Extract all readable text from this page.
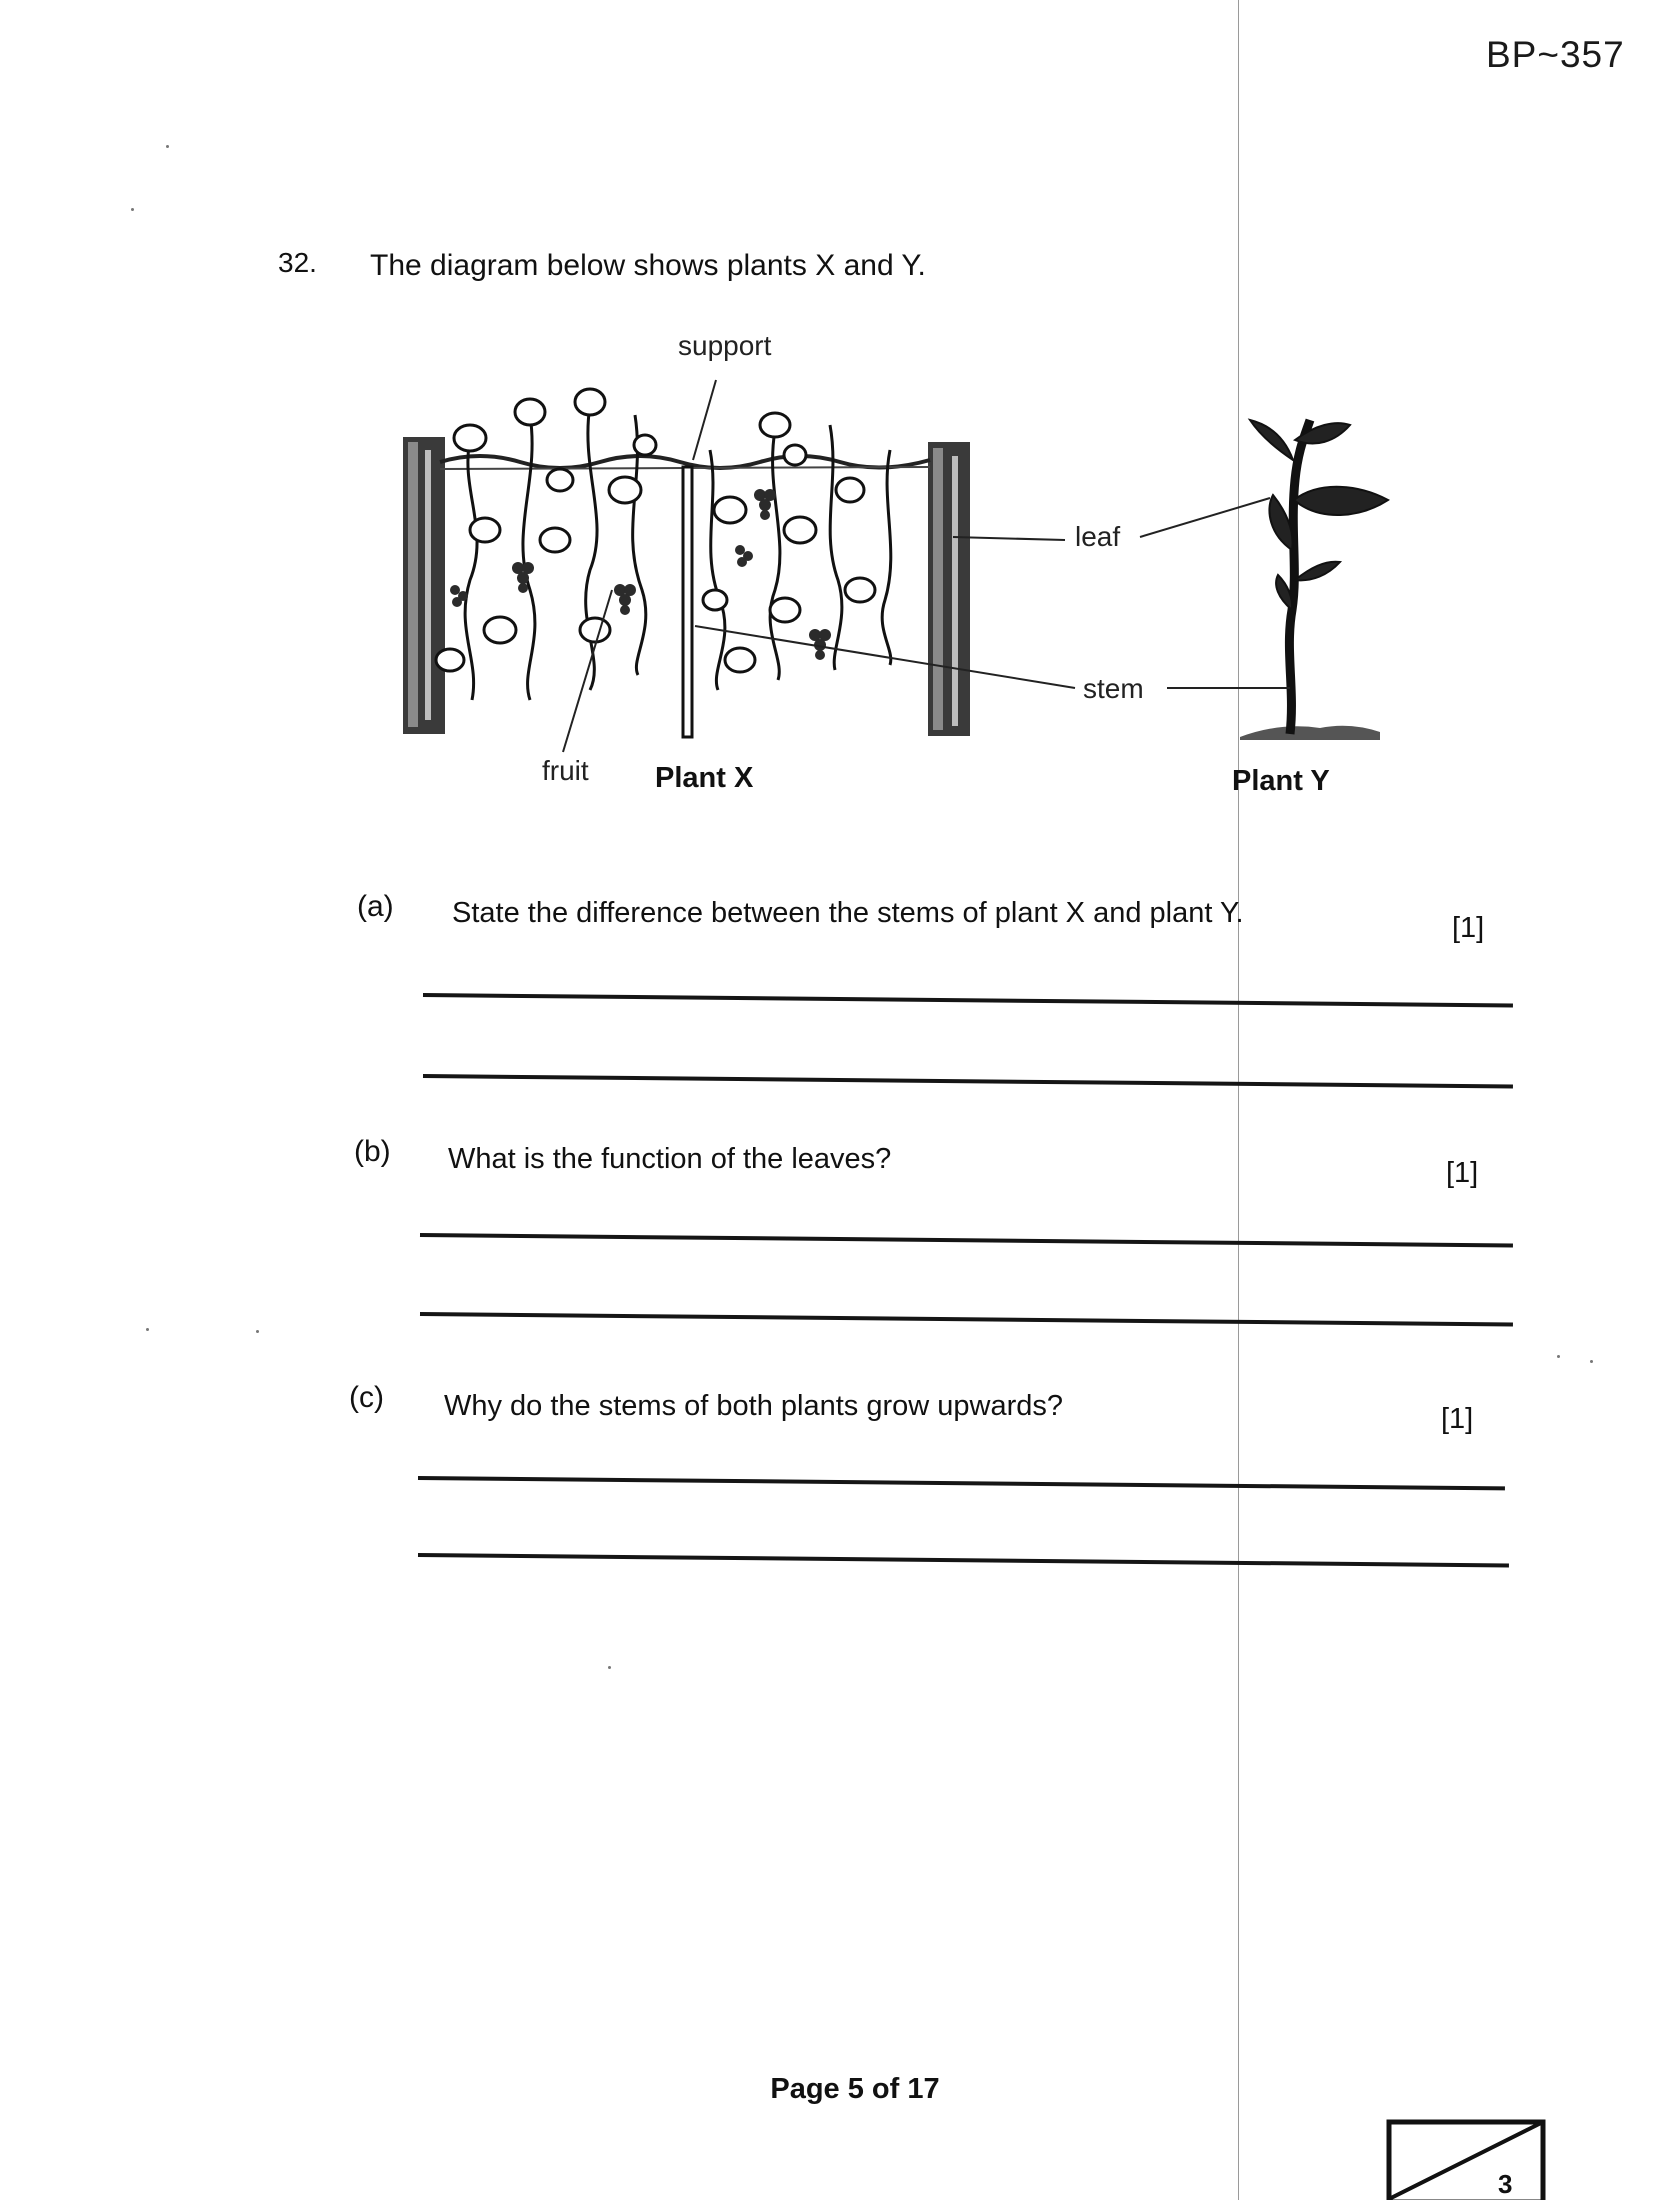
BP~357
32. The diagram below shows plants X and Y.
support
leaf
stem
fruit Plant X	Plant Y
(a) State the difference between the stems of plant X and plant Y.	[1]
(b) What is the function of the leaves?	[1]
(c) Why do the stems of both plants grow upwards?	[1]
Page 5 of 17
3
